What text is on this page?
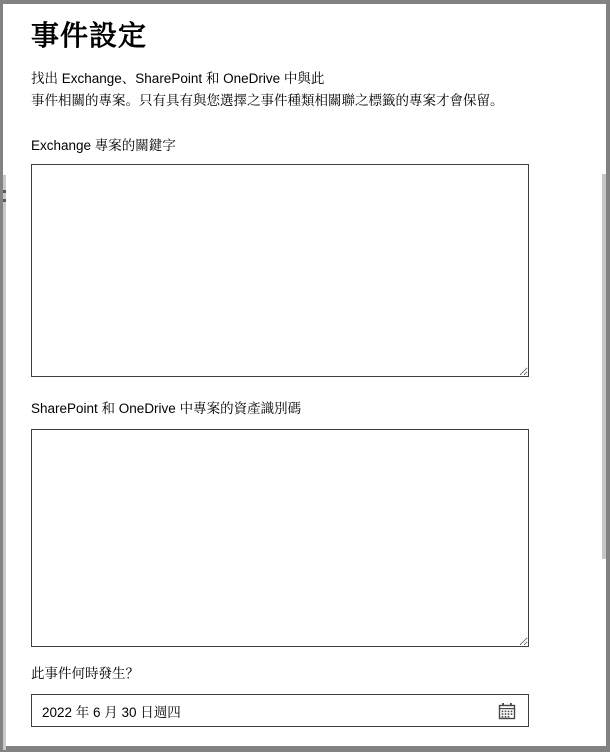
事件設定
找出 Exchange、SharePoint 和 OneDrive 中與此
事件相關的專案。只有具有與您選擇之事件種類相關聯之標籤的專案才會保留。
Exchange 專案的關鍵字
SharePoint 和 OneDrive 中專案的資產識別碼
此事件何時發生？
2022 年 6 月 30 日週四
